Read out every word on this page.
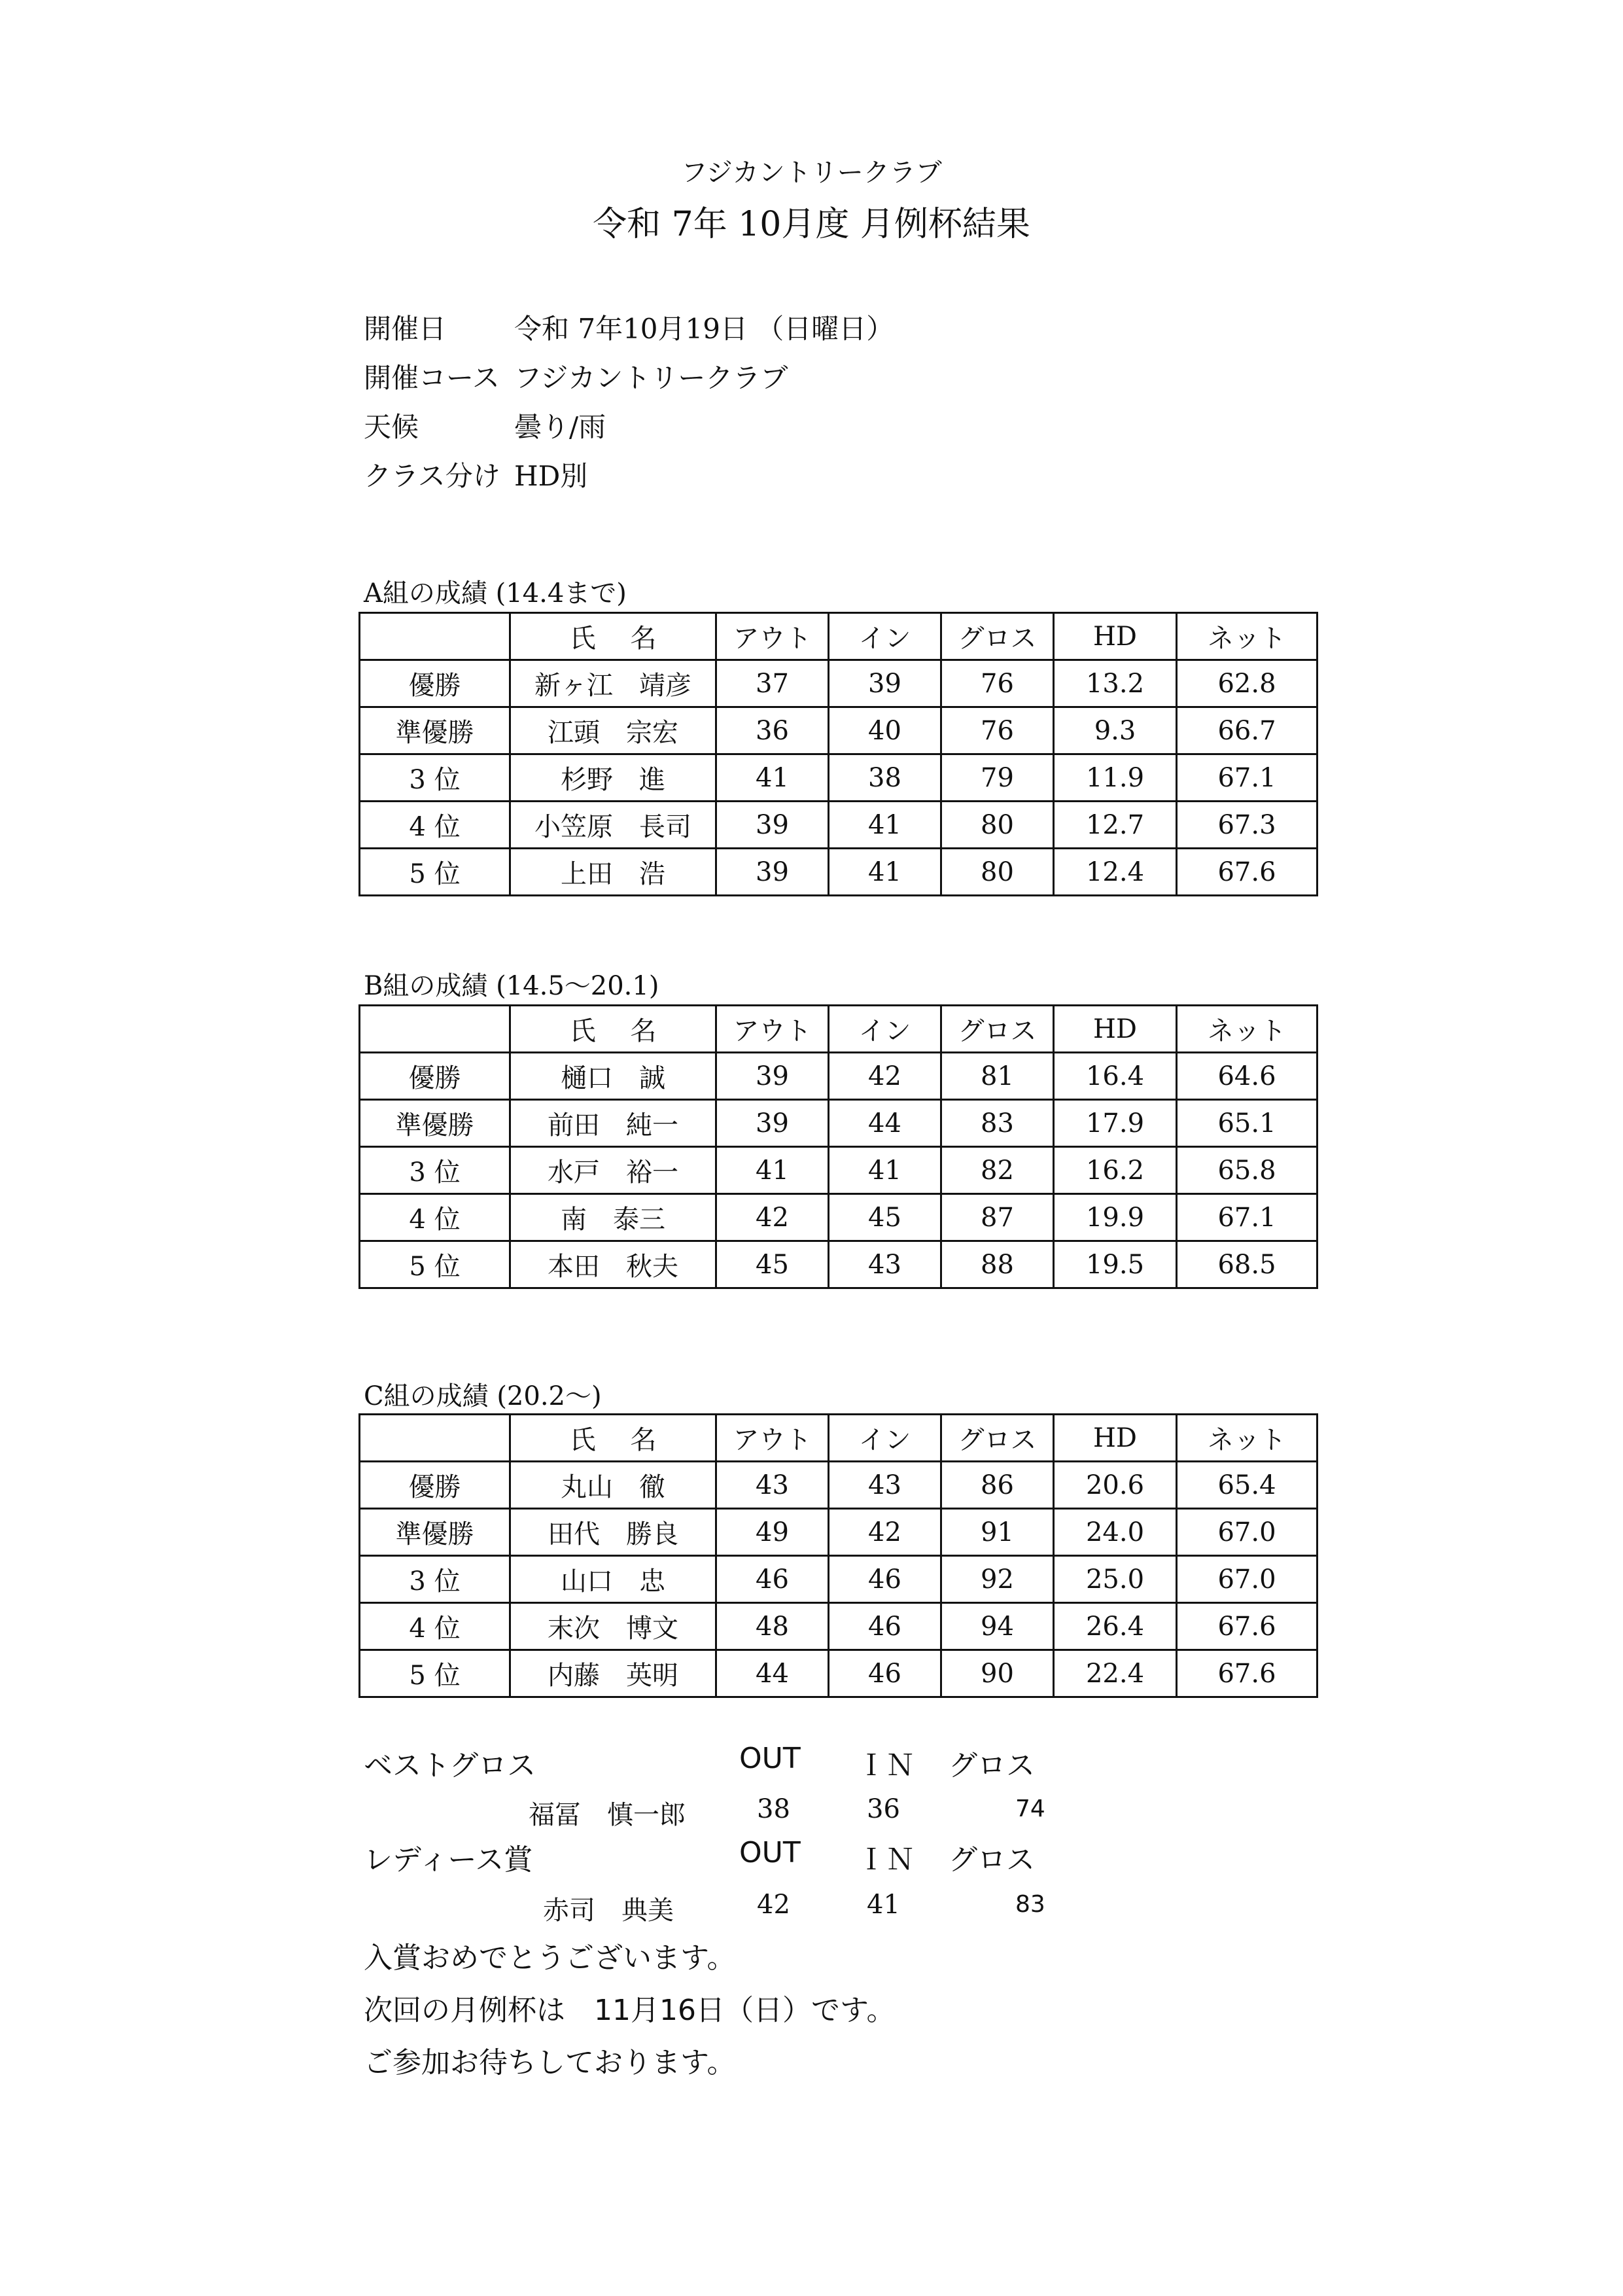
フジカントリークラブ
令和 7年 10月度 月例杯結果
開催日 令和 7年10月19日 （日曜日）
開催コース フジカントリークラブ
天候	曇り/雨
クラス分け HD別
A組の成績 (14.4まで)
	氏　 名	アウト	イン	グロス	HD	ネット
優勝	新ヶ江　靖彦	37	39	76	13.2	62.8
準優勝	江頭　宗宏	36	40	76	9.3	66.7
3 位	杉野　進	41	38	79	11.9	67.1
4 位	小笠原　長司	39	41	80	12.7	67.3
5 位	上田　浩	39	41	80	12.4	67.6
B組の成績 (14.5～20.1)
	氏　 名	アウト	イン	グロス	HD	ネット
優勝	樋口　誠	39	42	81	16.4	64.6
準優勝	前田　純一	39	44	83	17.9	65.1
3 位	水戸　裕一	41	41	82	16.2	65.8
4 位	南　泰三	42	45	87	19.9	67.1
5 位	本田　秋夫	45	43	88	19.5	68.5
C組の成績 (20.2～)
	氏　 名	アウト	イン	グロス	HD	ネット
優勝	丸山　徹	43	43	86	20.6	65.4
準優勝	田代　勝良	49	42	91	24.0	67.0
3 位	山口　忠	46	46	92	25.0	67.0
4 位	末次　博文	48	46	94	26.4	67.6
5 位	内藤　英明	44	46	90	22.4	67.6
ベストグロス	OUT ＩＮ グロス
福冨　慎一郎	38	36	74
レディース賞	OUT ＩＮ グロス
赤司　典美	42	41	83
入賞おめでとうございます。
次回の月例杯は　11月16日（日）です。
ご参加お待ちしております。
